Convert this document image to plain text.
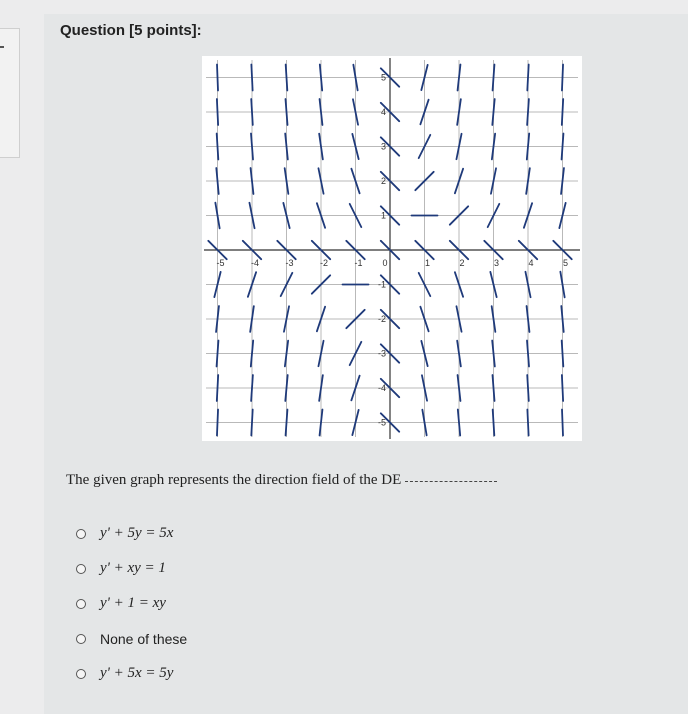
Question [5 points]:
-5	-4	-3	-2	-1 0	1	2	3	4	5
5
4
3
2
1
-1
-2
-3
-4
-5
The given graph represents the direction field of the DE
y' + 5y = 5x
y' + xy = 1
y' + 1 = xy
None of these
y' + 5x = 5y
